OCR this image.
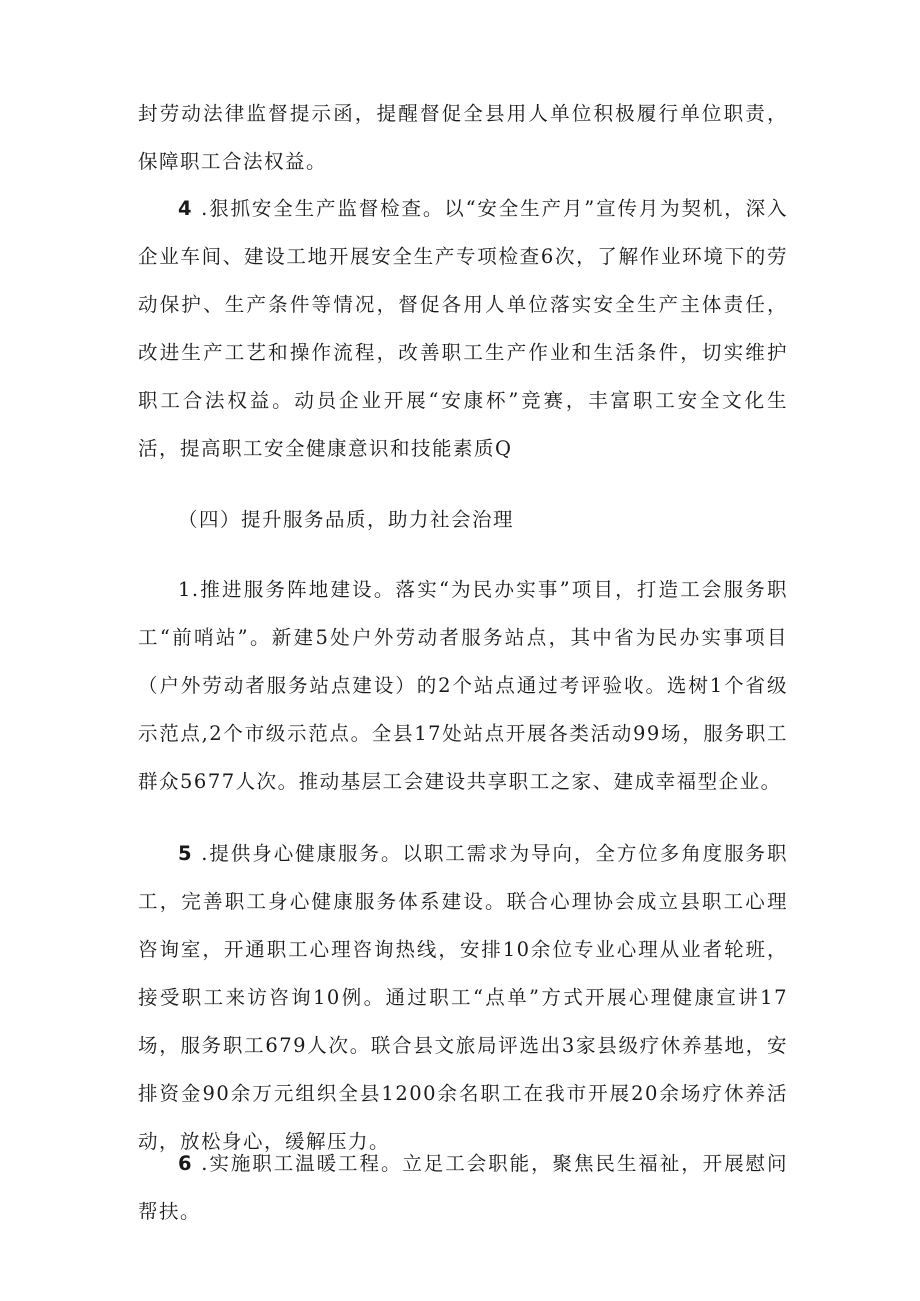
封劳动法律监督提示函，提醒督促全县用人单位积极履行单位职责，保障职工合法权益。

4 .狠抓安全生产监督检查。以“安全生产月”宣传月为契机，深入企业车间、建设工地开展安全生产专项检查6次，了解作业环境下的劳动保护、生产条件等情况，督促各用人单位落实安全生产主体责任，改进生产工艺和操作流程，改善职工生产作业和生活条件，切实维护职工合法权益。动员企业开展“安康杯”竞赛，丰富职工安全文化生活，提高职工安全健康意识和技能素质Q

（四）提升服务品质，助力社会治理

1.推进服务阵地建设。落实“为民办实事”项目，打造工会服务职工“前哨站”。新建5处户外劳动者服务站点，其中省为民办实事项目（户外劳动者服务站点建设）的2个站点通过考评验收。选树1个省级示范点,2个市级示范点。全县17处站点开展各类活动99场，服务职工群众5677人次。推动基层工会建设共享职工之家、建成幸福型企业。

5 .提供身心健康服务。以职工需求为导向，全方位多角度服务职工，完善职工身心健康服务体系建设。联合心理协会成立县职工心理咨询室，开通职工心理咨询热线，安排10余位专业心理从业者轮班，接受职工来访咨询10例。通过职工“点单”方式开展心理健康宣讲17场，服务职工679人次。联合县文旅局评选出3家县级疗休养基地，安排资金90余万元组织全县1200余名职工在我市开展20余场疗休养活动，放松身心，缓解压力。

6 .实施职工温暖工程。立足工会职能，聚焦民生福祉，开展慰问帮扶。
